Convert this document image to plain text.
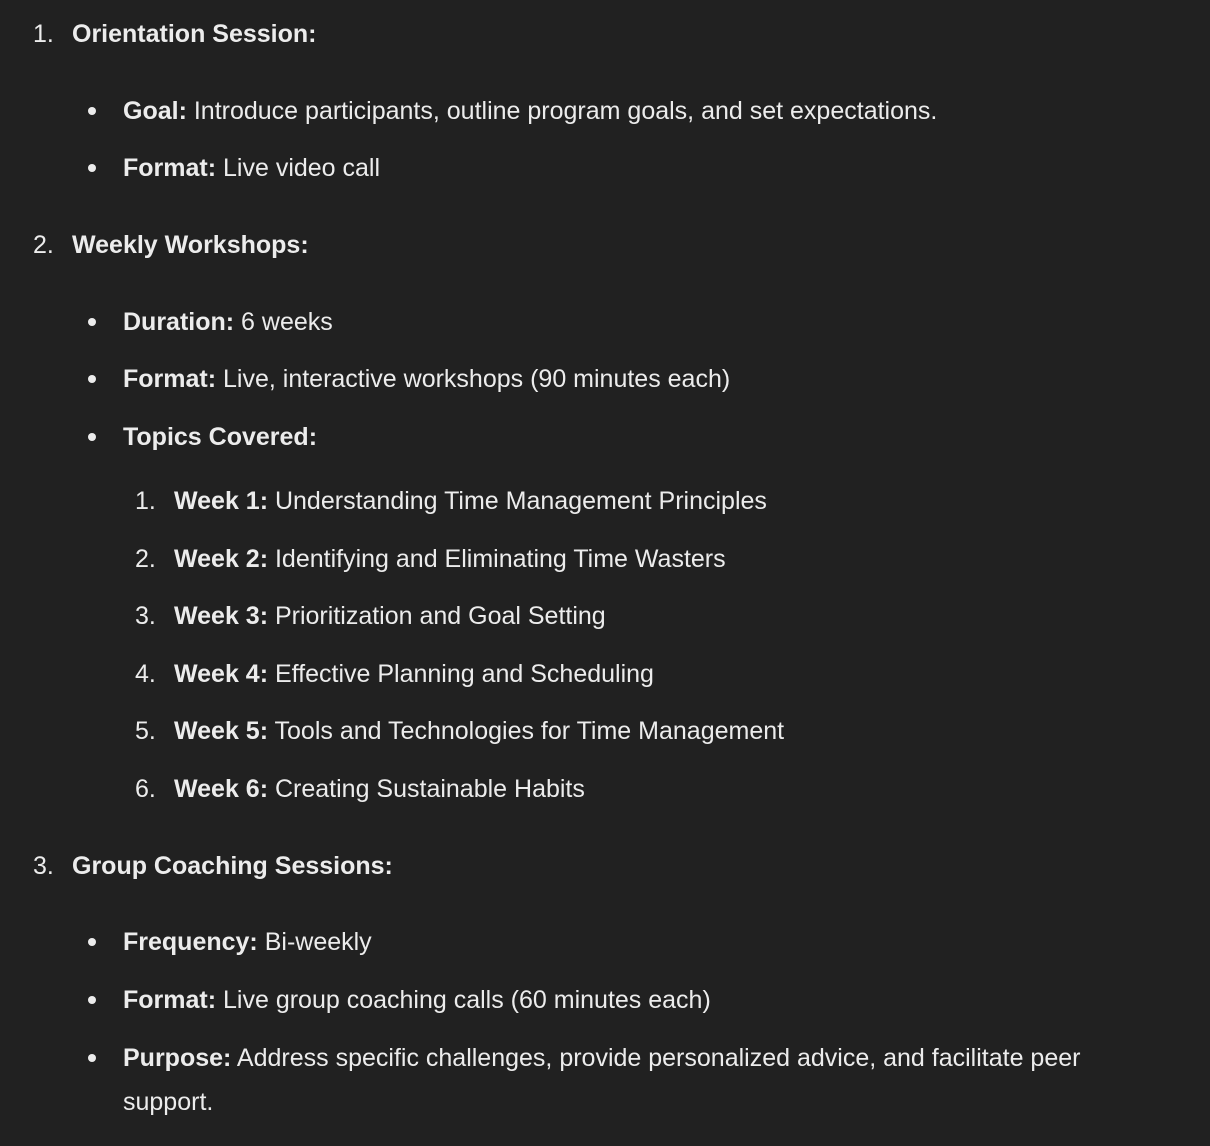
1. Orientation Session:
Goal: Introduce participants, outline program goals, and set expectations.
Format: Live video call
2. Weekly Workshops:
Duration: 6 weeks
Format: Live, interactive workshops (90 minutes each)
Topics Covered:
1. Week 1: Understanding Time Management Principles
2. Week 2: Identifying and Eliminating Time Wasters
3. Week 3: Prioritization and Goal Setting
4. Week 4: Effective Planning and Scheduling
5. Week 5: Tools and Technologies for Time Management
6. Week 6: Creating Sustainable Habits
3. Group Coaching Sessions:
Frequency: Bi-weekly
Format: Live group coaching calls (60 minutes each)
Purpose: Address specific challenges, provide personalized advice, and facilitate peer support.
